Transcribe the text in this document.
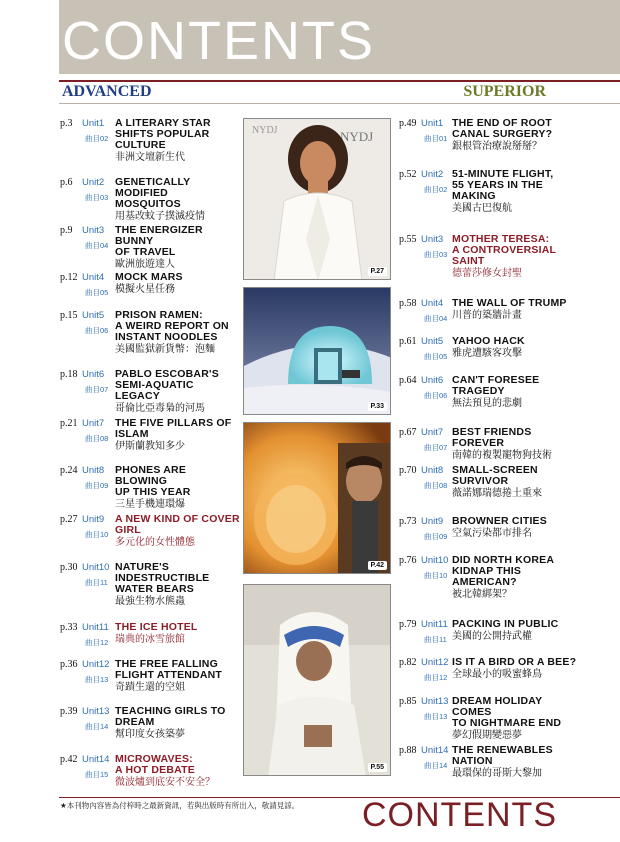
CONTENTS
ADVANCED	SUPERIOR
NYDJ
NYDJ
P.27
P.33
P.42
P.55
★本刊物內容皆為付梓時之最新資訊，若與出版時有所出入，敬請見諒。 CONTENTS
p.3 Unit1
曲目02
A LITERARY STAR
SHIFTS POPULAR
CULTURE
非洲文壇新生代
p.6 Unit2
曲目03
GENETICALLY MODIFIED
MOSQUITOS
用基改蚊子撲滅疫情
p.9 Unit3
曲目04
THE ENERGIZER BUNNY
OF TRAVEL
歐洲旅遊達人
p.12 Unit4
曲目05
MOCK MARS
模擬火星任務
p.15 Unit5
曲目06
PRISON RAMEN:
A WEIRD REPORT ON
INSTANT NOODLES
美國監獄新貨幣：泡麵
p.18 Unit6
曲目07
PABLO ESCOBAR'S
SEMI-AQUATIC LEGACY
哥倫比亞毒梟的河馬
p.21 Unit7
曲目08
THE FIVE PILLARS OF
ISLAM
伊斯蘭教知多少
p.24 Unit8
曲目09
PHONES ARE BLOWING
UP THIS YEAR
三星手機連環爆
p.27 Unit9
曲目10
A NEW KIND OF COVER
GIRL
多元化的女性體態
p.30 Unit10
曲目11
NATURE'S
INDESTRUCTIBLE
WATER BEARS
最強生物水熊蟲
p.33 Unit11
曲目12
THE ICE HOTEL
瑞典的冰雪旅館
p.36 Unit12
曲目13
THE FREE FALLING
FLIGHT ATTENDANT
奇蹟生還的空姐
p.39 Unit13
曲目14
TEACHING GIRLS TO
DREAM
幫印度女孩築夢
p.42 Unit14
曲目15
MICROWAVES:
A HOT DEBATE
微波爐到底安不安全？
p.49 Unit1
曲目01
THE END OF ROOT
CANAL SURGERY?
銀根管治療說掰掰？
p.52 Unit2
曲目02
51-MINUTE FLIGHT,
55 YEARS IN THE
MAKING
美國古巴復航
p.55 Unit3
曲目03
MOTHER TERESA:
A CONTROVERSIAL
SAINT
德蕾莎修女封聖
p.58 Unit4
曲目04
THE WALL OF TRUMP
川普的築牆計畫
p.61 Unit5
曲目05
YAHOO HACK
雅虎遭駭客攻擊
p.64 Unit6
曲目06
CAN'T FORESEE
TRAGEDY
無法預見的悲劇
p.67 Unit7
曲目07
BEST FRIENDS FOREVER
南韓的複製寵物狗技術
p.70 Unit8
曲目08
SMALL-SCREEN
SURVIVOR
薇諾娜瑞德捲土重來
p.73 Unit9
曲目09
BROWNER CITIES
空氣污染都市排名
p.76 Unit10
曲目10
DID NORTH KOREA
KIDNAP THIS
AMERICAN?
被北韓綁架？
p.79 Unit11
曲目11
PACKING IN PUBLIC
美國的公開持武權
p.82 Unit12
曲目12
IS IT A BIRD OR A BEE?
全球最小的吸蜜蜂鳥
p.85 Unit13
曲目13
DREAM HOLIDAY COMES
TO NIGHTMARE END
夢幻假期變惡夢
p.88 Unit14
曲目14
THE RENEWABLES
NATION
最環保的哥斯大黎加
